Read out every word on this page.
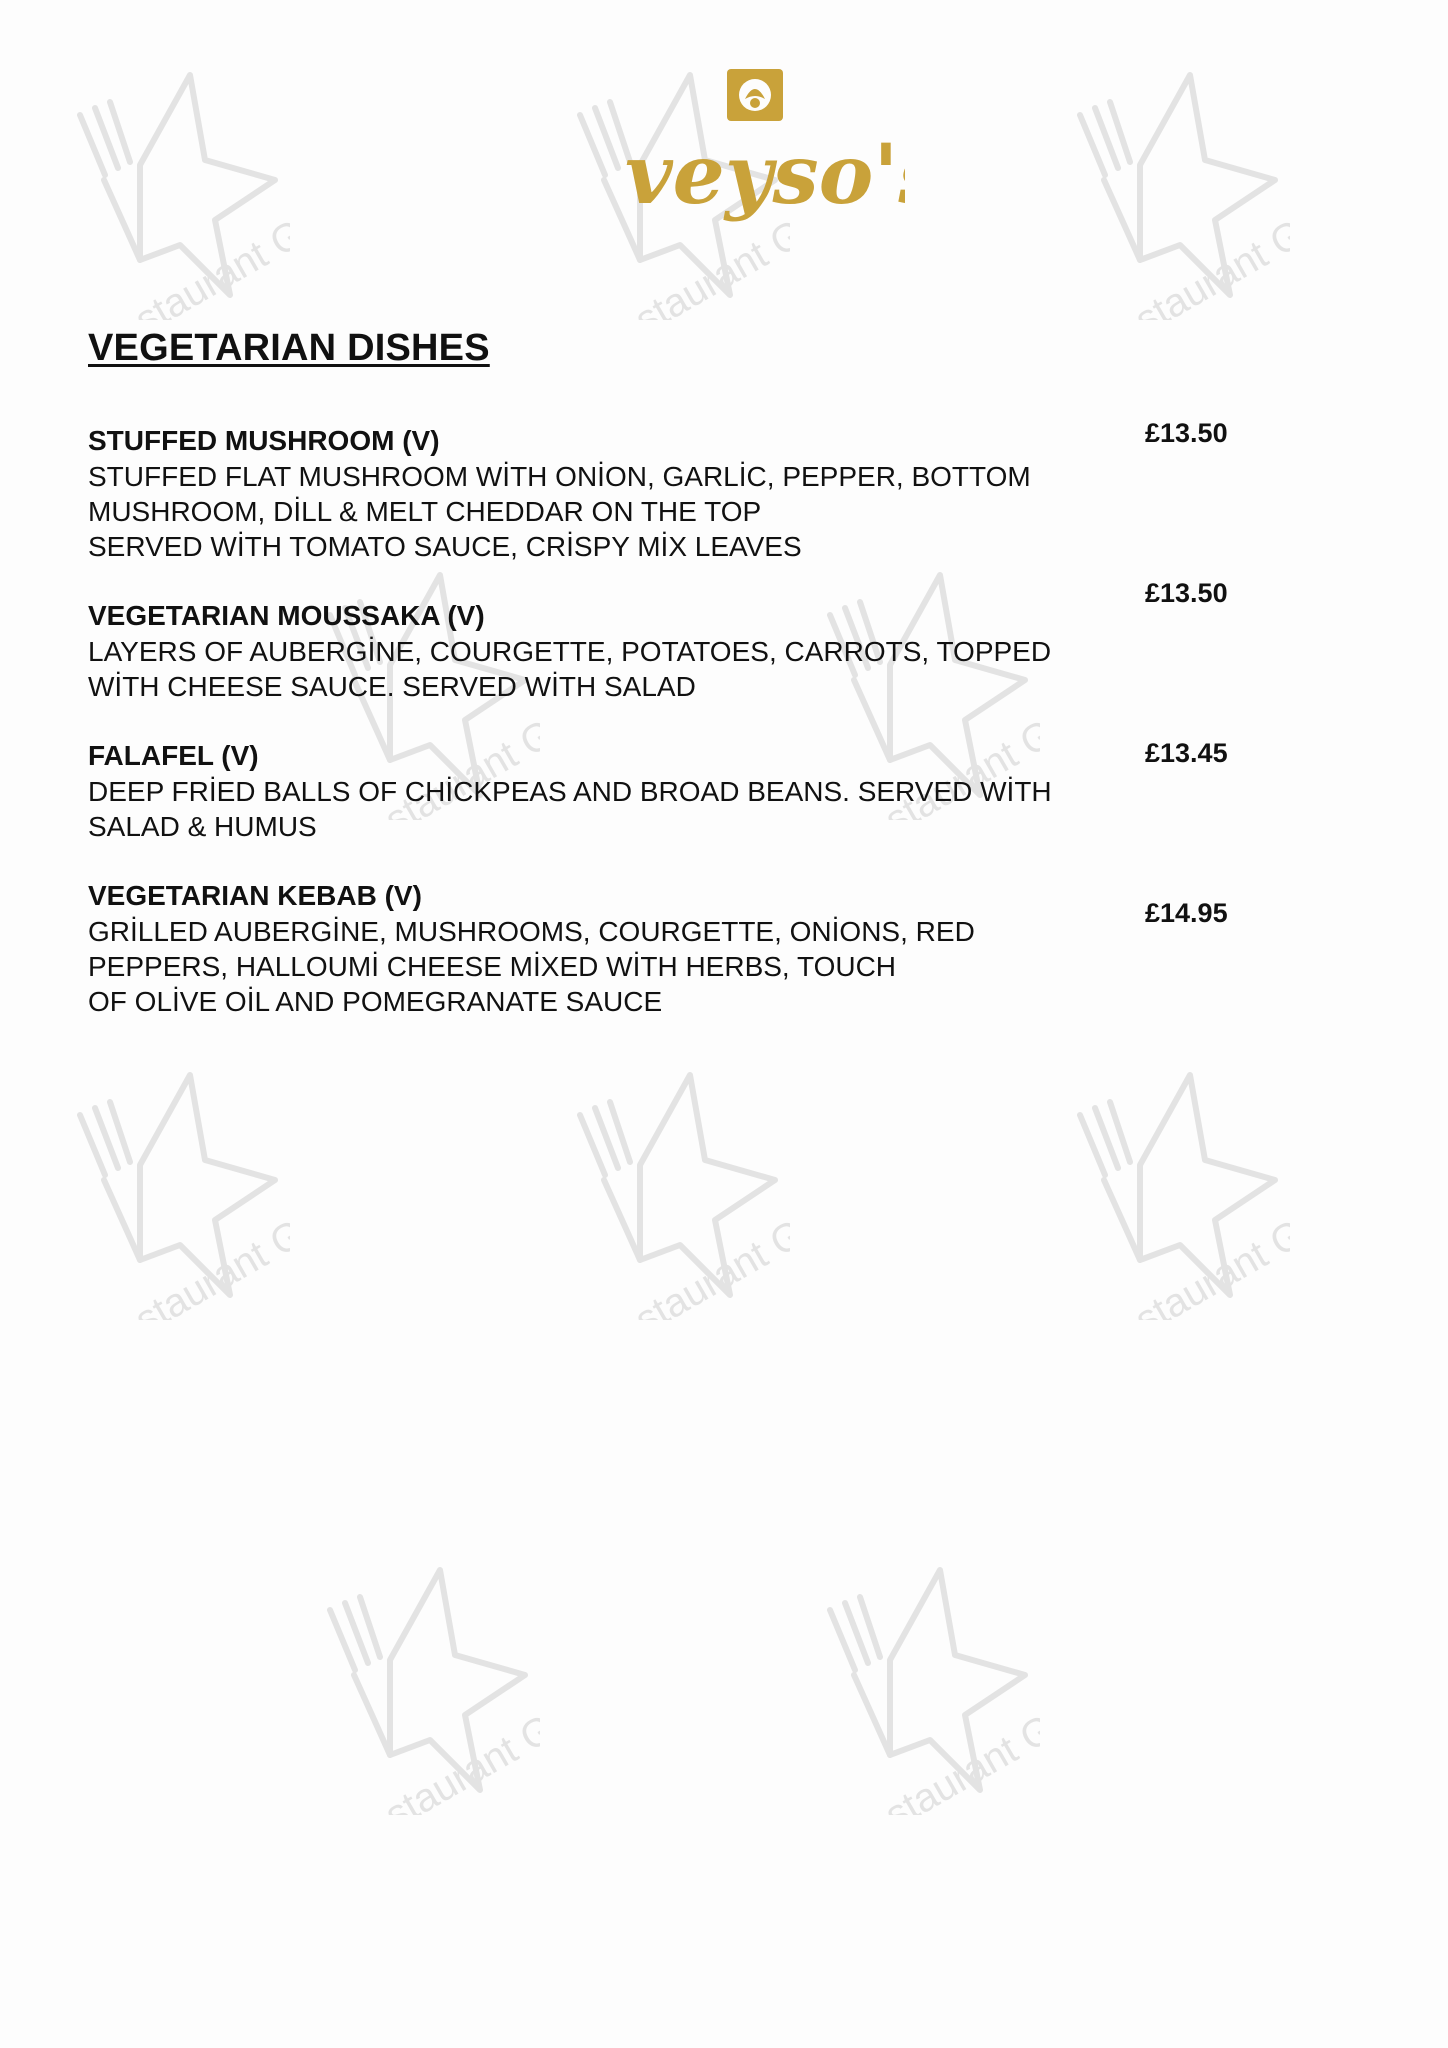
Restaurant Guru
Restaurant Guru
Restaurant Guru
Restaurant Guru
Restaurant Guru
Restaurant Guru
Restaurant Guru
Restaurant Guru
Restaurant Guru
Restaurant Guru
veyso'
VEGETARIAN DISHES
STUFFED MUSHROOM (V)
STUFFED FLAT MUSHROOM WİTH ONİON, GARLİC, PEPPER, BOTTOM
MUSHROOM, DİLL & MELT CHEDDAR ON THE TOP
SERVED WİTH TOMATO SAUCE, CRİSPY MİX LEAVES
£13.50
VEGETARIAN MOUSSAKA (V)
LAYERS OF AUBERGİNE, COURGETTE, POTATOES, CARROTS, TOPPED
WİTH CHEESE SAUCE. SERVED WİTH SALAD
£13.50
FALAFEL (V)
DEEP FRİED BALLS OF CHİCKPEAS AND BROAD BEANS. SERVED WİTH
SALAD & HUMUS
£13.45
VEGETARIAN KEBAB (V)
GRİLLED AUBERGİNE, MUSHROOMS, COURGETTE, ONİONS, RED
PEPPERS, HALLOUMİ CHEESE MİXED WİTH HERBS, TOUCH
OF OLİVE OİL AND POMEGRANATE SAUCE
£14.95
